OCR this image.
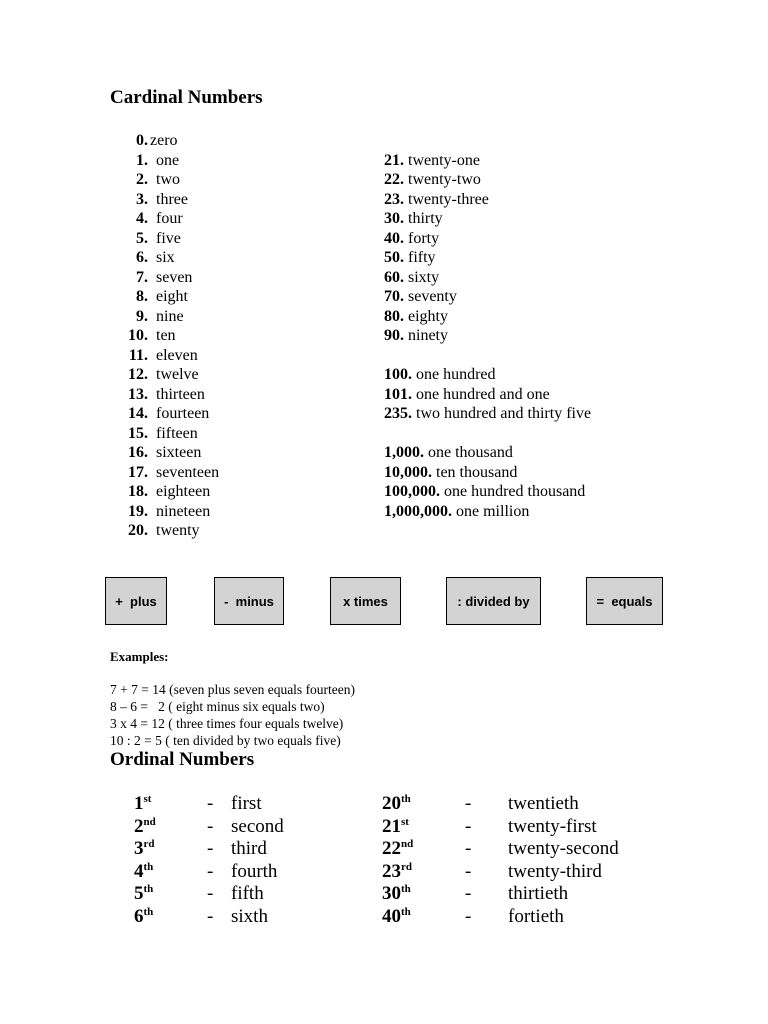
Cardinal Numbers
0. zero
1. one
2. two
3. three
4. four
5. five
6. six
7. seven
8. eight
9. nine
10. ten
11. eleven
12. twelve
13. thirteen
14. fourteen
15. fifteen
16. sixteen
17. seventeen
18. eighteen
19. nineteen
20. twenty
21. twenty-one
22. twenty-two
23. twenty-three
30. thirty
40. forty
50. fifty
60. sixty
70. seventy
80. eighty
90. ninety
100. one hundred
101. one hundred and one
235. two hundred and thirty five
1,000. one thousand
10,000. ten thousand
100,000. one hundred thousand
1,000,000. one million
+  plus	-  minus	x times	: divided by	=  equals
Examples:
7 + 7 = 14 (seven plus seven equals fourteen)
8 – 6 =   2 ( eight minus six equals two)
3 x 4 = 12 ( three times four equals twelve)
10 : 2 = 5 ( ten divided by two equals five)
Ordinal Numbers
1st	- first
2nd	- second
3rd	- third
4th	- fourth
5th	- fifth
6th	- sixth
20th	- twentieth
21st	- twenty-first
22nd	- twenty-second
23rd	- twenty-third
30th	- thirtieth
40th	- fortieth
